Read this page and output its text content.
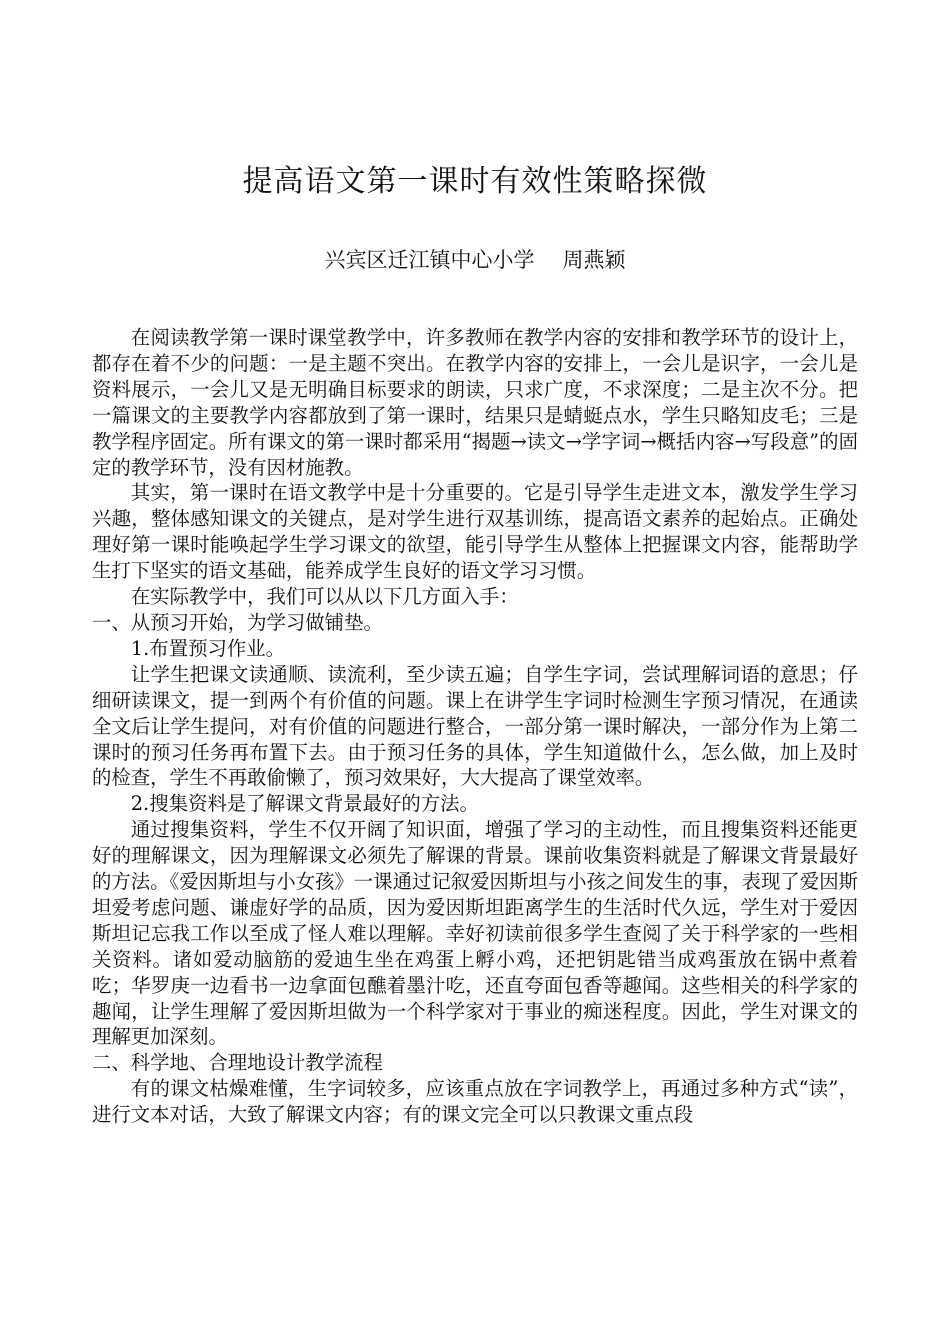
提高语文第一课时有效性策略探微

兴宾区迁江镇中心小学 周燕颖

在阅读教学第一课时课堂教学中，许多教师在教学内容的安排和教学环节的设计上，都存在着不少的问题：一是主题不突出。在教学内容的安排上，一会儿是识字，一会儿是资料展示，一会儿又是无明确目标要求的朗读，只求广度，不求深度；二是主次不分。把一篇课文的主要教学内容都放到了第一课时，结果只是蜻蜓点水，学生只略知皮毛；三是教学程序固定。所有课文的第一课时都采用“揭题→读文→学字词→概括内容→写段意”的固定的教学环节，没有因材施教。

其实，第一课时在语文教学中是十分重要的。它是引导学生走进文本，激发学生学习兴趣，整体感知课文的关键点，是对学生进行双基训练，提高语文素养的起始点。正确处理好第一课时能唤起学生学习课文的欲望，能引导学生从整体上把握课文内容，能帮助学生打下坚实的语文基础，能养成学生良好的语文学习习惯。

在实际教学中，我们可以从以下几方面入手：

一、从预习开始，为学习做铺垫。

1.布置预习作业。

让学生把课文读通顺、读流利，至少读五遍；自学生字词，尝试理解词语的意思；仔细研读课文，提一到两个有价值的问题。课上在讲学生字词时检测生字预习情况，在通读全文后让学生提问，对有价值的问题进行整合，一部分第一课时解决，一部分作为上第二课时的预习任务再布置下去。由于预习任务的具体，学生知道做什么，怎么做，加上及时的检查，学生不再敢偷懒了，预习效果好，大大提高了课堂效率。

2.搜集资料是了解课文背景最好的方法。

通过搜集资料，学生不仅开阔了知识面，增强了学习的主动性，而且搜集资料还能更好的理解课文，因为理解课文必须先了解课的背景。课前收集资料就是了解课文背景最好的方法。《爱因斯坦与小女孩》一课通过记叙爱因斯坦与小孩之间发生的事，表现了爱因斯坦爱考虑问题、谦虚好学的品质，因为爱因斯坦距离学生的生活时代久远，学生对于爱因斯坦记忘我工作以至成了怪人难以理解。幸好初读前很多学生查阅了关于科学家的一些相关资料。诸如爱动脑筋的爱迪生坐在鸡蛋上孵小鸡，还把钥匙错当成鸡蛋放在锅中煮着吃；华罗庚一边看书一边拿面包醮着墨汁吃，还直夸面包香等趣闻。这些相关的科学家的趣闻，让学生理解了爱因斯坦做为一个科学家对于事业的痴迷程度。因此，学生对课文的理解更加深刻。

二、科学地、合理地设计教学流程

有的课文枯燥难懂，生字词较多，应该重点放在字词教学上，再通过多种方式“读”，进行文本对话，大致了解课文内容；有的课文完全可以只教课文重点段
